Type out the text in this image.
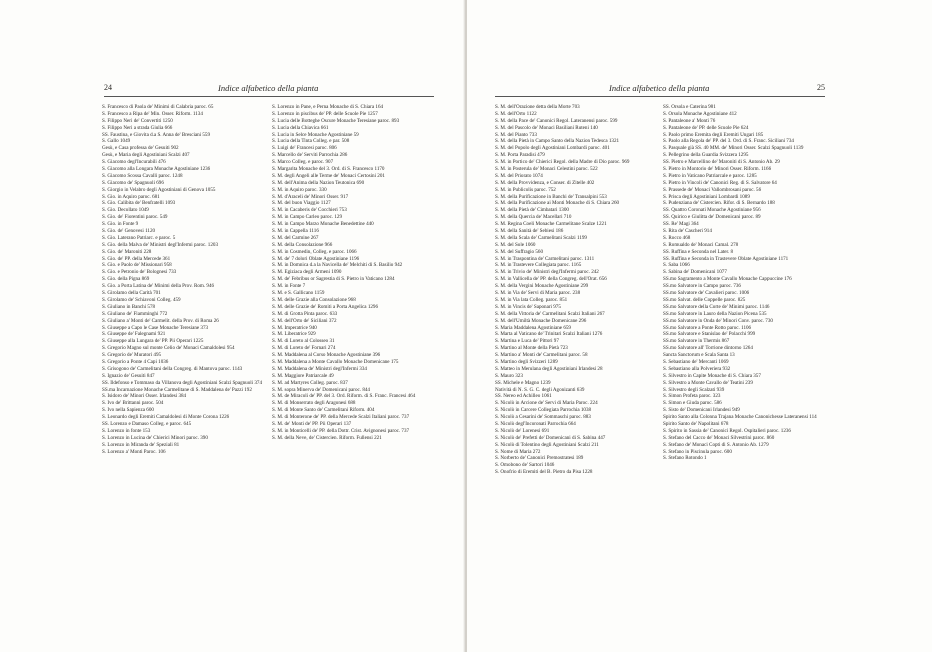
24	Indice alfabetico della pianta
S. Francesco di Paola de' Minimi di Calabria paroc. 65
S. Francesco a Ripa de' Min. Osser. Riform. 1134
S. Filippo Neri de' Convertiti 1250
S. Filippo Neri a strada Giulia 666
SS. Faustina, e Giovita d.a S. Anna de' Bresciani 559
S. Gallo 1049
Gesù, e Casa professa de' Gesuiti 902
Gesù, e Maria degli Agostiniani Scalzi 407
S. Giacomo degl'Incurabili 476
S. Giacomo alla Longara Monache Agostiniane 1236
S. Giacomo Scossa Cavalli paroc. 1248
S. Giacomo de' Spagnuoli 696
S. Giorgio in Velabro degli Agostiniani di Genova 1055
S. Gio. in Aquiro paroc. 681
S. Gio. Calibita de' Benfratelli 1093
S. Gio. Decollato 1049
S. Gio. de' Fiorentini paroc. 549
S. Gio. in Fonte 9
S. Gio. de' Genovesi 1120
S. Gio. Laterano Patriarc. e paroc. 5
S. Gio. della Malva de' Ministri degl'Infermi paroc. 1203
S. Gio. de' Maroniti 228
S. Gio. de' PP. della Mercede 361
S. Gio. e Paolo de' Missionari 958
S. Gio. e Petronio de' Bolognesi 733
S. Gio. della Pigna 869
S. Gio. a Porta Latina de' Minimi della Prov. Rom. 946
S. Girolamo della Carità 701
S. Girolamo de' Schiavoni Colleg. 459
S. Giuliano in Banchi 578
S. Giuliano de' Fiamminghi 772
S. Giuliano a' Monti de' Carmelit. della Prov. di Roma 26
S. Giuseppe a Capo le Case Monache Teresiane 373
S. Giuseppe de' Falegnami 921
S. Giuseppe alla Lungara de' PP. Pii Operari 1225
S. Gregorio Magno sul monte Celio de' Monaci Camaldolesi 954
S. Gregorio de' Muratori 495
S. Gregorio a Ponte 4 Capi 1036
S. Grisogono de' Carmelitani della Congreg. di Mantova paroc. 1143
S. Ignazio de' Gesuiti 847
SS. Ildefonso e Tommaso da Villanova degli Agostiniani Scalzi Spagnuoli 374
SS.ma Incarnazione Monache Carmelitane di S. Maddalena de' Pazzi 192
S. Isidoro de' Minori Osser. Irlandesi 384
S. Ivo de' Brittanni paroc. 504
S. Ivo nella Sapienza 600
S. Leonardo degli Eremiti Camaldolesi di Monte Corona 1226
SS. Lorenzo e Damaso Colleg. e paroc. 645
S. Lorenzo in fonte 153
S. Lorenzo in Lucina de' Chierici Minori paroc. 390
S. Lorenzo in Miranda de' Speziali 81
S. Lorenzo a' Monti Paroc. 106
S. Lorenzo in Pane, e Perna Monache di S. Chiara 164
S. Lorenzo in piscibus de' PP. delle Scuole Pie 1257
S. Lucia delle Botteghe Oscure Monache Teresiane paroc. 893
S. Lucia della Chiavica 661
S. Lucia in Selce Monache Agostiniane 59
S. Lucia della Tinta Colleg. e par. 508
S. Luigi de' Francesi paroc. 806
S. Marcello de' Serviti Parrochia 286
S. Marco Colleg. e paroc. 907
S. Margarita Monache del 3. Ord. di S. Francesco 1170
S. M. degli Angeli alle Terme de' Monaci Certosini 201
S. M. dell'Anima della Nazion Teutonica 690
S. M. in Aquiro paroc. 330
S. M. d'Araceli de' Minori Osser. 917
S. M. del buon Viaggio 1127
S. M. in Cacaberis de' Cocchieri 753
S. M. in Campo Carleo paroc. 129
S. M. in Campo Marzo Monache Benedettine 440
S. M. in Cappella 1116
S. M. del Carmine 267
S. M. della Consolazione 966
S. M. in Cosmedin, Colleg. e paroc. 1066
S. M. de' 7 dolori Oblate Agostiniane 1196
S. M. in Domnica d.a la Navicella de' Melchiti di S. Basilio 942
S. M. Egiziaca degli Armeni 1090
S. M. de' Febribus or Sagrestia di S. Pietro in Vaticano 1284
S. M. in Fonte 7
S. M. e S. Gallicano 1159
S. M. delle Grazie alla Consolazione 968
S. M. delle Grazie de' Romiti a Porta Angelica 1296
S. M. di Grotta Pinta paroc. 633
S. M. dell'Orto de' Siciliani 372
S. M. Imperatrice 940
S. M. Liberatrice 929
S. M. di Loreto al Colosseo 31
S. M. di Loreto de' Fornari 274
S. M. Maddalena al Corso Monache Agostiniane 396
S. M. Maddalena a Monte Cavallo Monache Domenicane 175
S. M. Maddalena de' Ministri degl'Infermi 334
S. M. Maggiore Patriarcale 49
S. M. ad Martyres Colleg. paroc. 837
S. M. sopra Minerva de' Domenicani paroc. 844
S. M. de Miracoli de' PP. del 3. Ord. Riform. di S. Franc. Francesi 464
S. M. di Monserrato degli Aragonesi 688
S. M. di Monte Santo de' Carmelitani Riform. 404
S. M. di Monterone de' PP. della Mercede Scalzi Italiani paroc. 737
S. M. de' Monti de' PP. Pii Operari 137
S. M. in Monticelli de' PP. della Dottr. Crist. Avignonesi paroc. 737
S. M. della Neve, de' Cistercien. Riform. Fullensi 221
Indice alfabetico della pianta	25
S. M. dell'Orazione detta della Morte 703
S. M. dell'Orto 1122
S. M. della Pace de' Canonici Regol. Lateranensi paroc. 599
S. M. del Pascolo de' Monaci Basiliani Ruteni 140
S. M. del Pianto 733
S. M. della Pietà in Campo Santo della Nazion Tedesca 1321
S. M. del Popolo degli Agostiniani Lombardi paroc. 401
S. M. Porta Paradisi 479
S. M. in Portico de' Chierici Regol. della Madre di Dio paroc. 969
S. M. in Posterula de' Monaci Celestini paroc. 522
S. M. del Priorato 1074
S. M. della Provvidenza, e Conser. di Zitelle 402
S. M. in Publicolis paroc. 752
S. M. della Purificazione in Banchi de' Transalpini 553
S. M. della Purificazione ai Monti Monache di S. Chiara 260
S. M. della Pietà de' Cimbatari 1300
S. M. della Quercia de' Macellari 710
S. M. Regina Coeli Monache Carmelitane Scalze 1221
S. M. della Sanità de' Sebiesi 186
S. M. della Scala de' Carmelitani Scalzi 1199
S. M. del Sole 1060
S. M. del Suffragio 560
S. M. in Traspontina de' Carmelitani paroc. 1311
S. M. in Trastevere Collegiata paroc. 1165
S. M. in Trivio de' Ministri degl'Infermi paroc. 242
S. M. in Vallicella de' PP. della Congreg. dell'Orat. 656
S. M. della Vergini Monache Agostiniane 299
S. M. in Via de' Servi di Maria paroc. 238
S. M. in Via lata Colleg. paroc. 851
S. M. in Vincis de' Saponari 975
S. M. della Vittoria de' Carmelitani Scalzi Italiani 267
S. M. dell'Umiltà Monache Domenicane 296
S. Maria Maddalena Agostiniane 659
S. Marta al Vaticano de' Trinitari Scalzi Italiani 1276
S. Martina e Luca de' Pittori 97
S. Martino al Monte della Pietà 723
S. Martino a' Monti de' Carmelitani paroc. 58
S. Martino degli Svizzeri 1289
S. Matteo in Merulana degli Agostiniani Irlandesi 28
S. Mauro 323
SS. Michele e Magno 1239
Natività di N. S. G. C. degli Agonizanti 639
SS. Nereo ed Achilleo 1061
S. Nicolò in Arcione de' Servi di Maria Paroc. 224
S. Nicolò in Carcere Collegiata Parrochia 1038
S. Nicolò a Cesarini de' Sommaschi paroc. 883
S. Nicolò degl'Incoronati Parrochia 664
S. Nicolò de' Lorenesi 691
S. Nicolò de' Prefetti de' Domenicani di S. Sabina 447
S. Nicolò di Tolentino degli Agostiniani Scalzi 211
S. Nome di Maria 272
S. Norberto de' Canonici Premostratesi 189
S. Omobono de' Sartori 1046
S. Onofrio di Eremiti del B. Pietro da Pisa 1228
SS. Orsola e Caterina 981
S. Orsola Monache Agostiniane 412
S. Pantaleone a' Monti 76
S. Pantaleone de' PP. delle Scuole Pie 624
S. Paolo primo Eremita degli Eremiti Ungari 185
S. Paolo alla Regola de' PP. del 3. Ord. di S. Franc. Siciliani 734
S. Pasquale già SS. 40 MM. de' Minori Osser. Scalzi Spagnuoli 1139
S. Pellegrino della Guardia Svizzera 1295
SS. Pietro e Marcellino de' Maroniti di S. Antonio Ab. 29
S. Pietro in Montorio de' Minori Osser. Riform. 1166
S. Pietro in Vaticano Patriarcale e paroc. 1285
S. Pietro in Vincoli de' Canonici Reg. di S. Salvatore 64
S. Prassede de' Monaci Vallombrosani paroc. 56
S. Prisca degli Agostiniani Lombardi 1089
S. Pudenziana de' Cistercien. Rifor. di S. Bernardo 188
SS. Quattro Coronati Monache Agostiniane 956
SS. Quirico e Giulitta de' Domenicani paroc. 89
SS. Re' Magi 364
S. Rita de' Cascheri 914
S. Rocco 468
S. Romualdo de' Monaci Camal. 278
SS. Ruffina e Seconda nel Later. 8
SS. Ruffina e Seconda in Trastevere Oblate Agostiniane 1171
S. Saba 1066
S. Sabina de' Domenicani 1077
SS.mo Sagramento a Monte Cavallo Monache Cappuccine 176
SS.mo Salvatore in Campo paroc. 736
SS.mo Salvatore de' Cavalieri paroc. 1006
SS.mo Salvat. delle Coppelle paroc. 825
SS.mo Salvatore della Corte de' Minimi paroc. 1146
SS.mo Salvatore in Lauro della Nazion Picena 535
SS.mo Salvatore in Onda de' Minori Conv. paroc. 730
SS.mo Salvatore a Ponte Rotto paroc. 1106
SS.mo Salvatore e Stanislao de' Polacchi 999
SS.mo Salvatore in Thermis 867
SS.mo Salvatore all' Torrione dintorno 1264
Sancta Sanctorum e Scala Santa 13
S. Sebastiano de' Mercanti 1069
S. Sebastiano alla Polveriera 932
S. Silvestro in Capite Monache di S. Chiara 357
S. Silvestro a Monte Cavallo de' Teatini 239
S. Silvestro degli Scalzati 939
S. Simon Profeta paroc. 323
S. Simon e Giuda paroc. 586
S. Sisto de' Domenicani Irlandesi 949
Spirito Santo alla Colonna Trajana Monache Canonichesse Lateranensi 114
Spirito Santo de' Napolitani 678
S. Spirito in Sassia de' Canonici Regol. Ospitalieri paroc. 1236
S. Stefano del Cacco de' Monaci Silvestrini paroc. 860
S. Stefano de' Monaci Copti di S. Antonio Ab. 1279
S. Stefano in Piscinula paroc. 600
S. Stefano Rotondo 1
